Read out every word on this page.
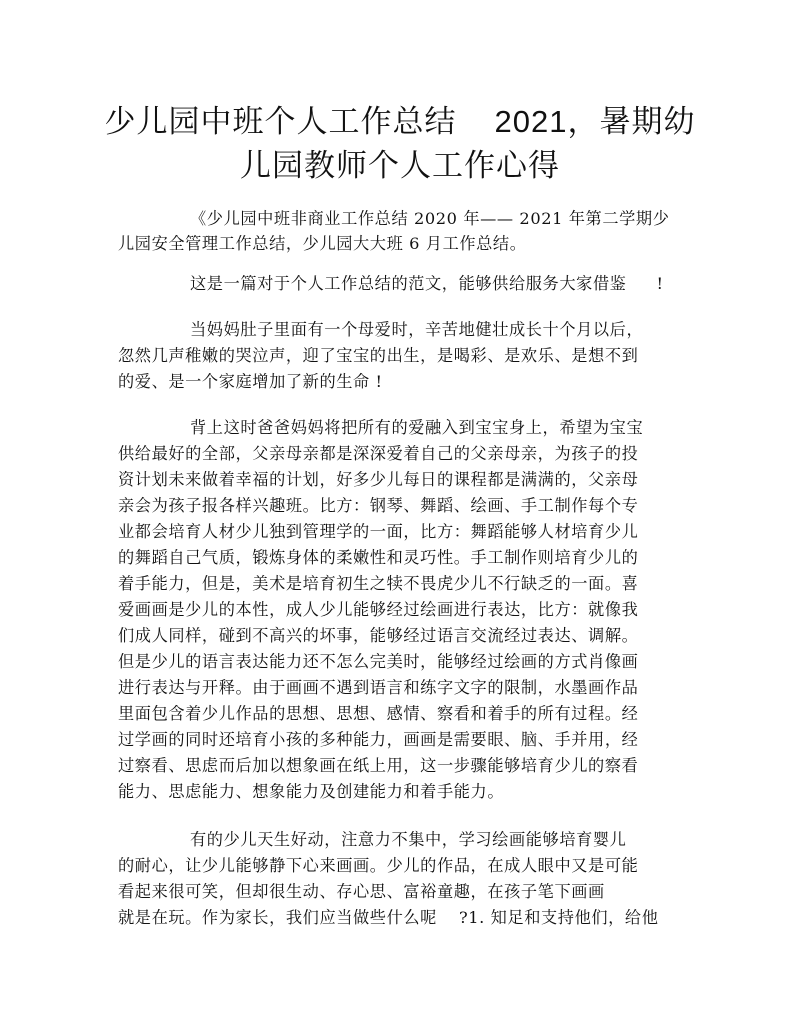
少儿园中班个人工作总结 2021，暑期幼
儿园教师个人工作心得
《少儿园中班非商业工作总结 2020 年—— 2021 年第二学期少
儿园安全管理工作总结，少儿园大大班 6 月工作总结。
这是一篇对于个人工作总结的范文，能够供给服务大家借鉴 !
当妈妈肚子里面有一个母爱时，辛苦地健壮成长十个月以后，
忽然几声稚嫩的哭泣声，迎了宝宝的出生，是喝彩、是欢乐、是想不到
的爱、是一个家庭增加了新的生命 !
背上这时爸爸妈妈将把所有的爱融入到宝宝身上，希望为宝宝
供给最好的全部，父亲母亲都是深深爱着自己的父亲母亲，为孩子的投
资计划未来做着幸福的计划，好多少儿每日的课程都是满满的，父亲母
亲会为孩子报各样兴趣班。比方：钢琴、舞蹈、绘画、手工制作每个专
业都会培育人材少儿独到管理学的一面，比方：舞蹈能够人材培育少儿
的舞蹈自己气质，锻炼身体的柔嫩性和灵巧性。手工制作则培育少儿的
着手能力，但是，美术是培育初生之犊不畏虎少儿不行缺乏的一面。喜
爱画画是少儿的本性，成人少儿能够经过绘画进行表达，比方：就像我
们成人同样，碰到不高兴的坏事，能够经过语言交流经过表达、调解。
但是少儿的语言表达能力还不怎么完美时，能够经过绘画的方式肖像画
进行表达与开释。由于画画不遇到语言和练字文字的限制，水墨画作品
里面包含着少儿作品的思想、思想、感情、察看和着手的所有过程。经
过学画的同时还培育小孩的多种能力，画画是需要眼、脑、手并用，经
过察看、思虑而后加以想象画在纸上用，这一步骤能够培育少儿的察看
能力、思虑能力、想象能力及创建能力和着手能力。
有的少儿天生好动，注意力不集中，学习绘画能够培育婴儿
的耐心，让少儿能够静下心来画画。少儿的作品，在成人眼中又是可能
看起来很可笑，但却很生动、存心思、富裕童趣，在孩子笔下画画
就是在玩。作为家长，我们应当做些什么呢 ?1. 知足和支持他们，给他
